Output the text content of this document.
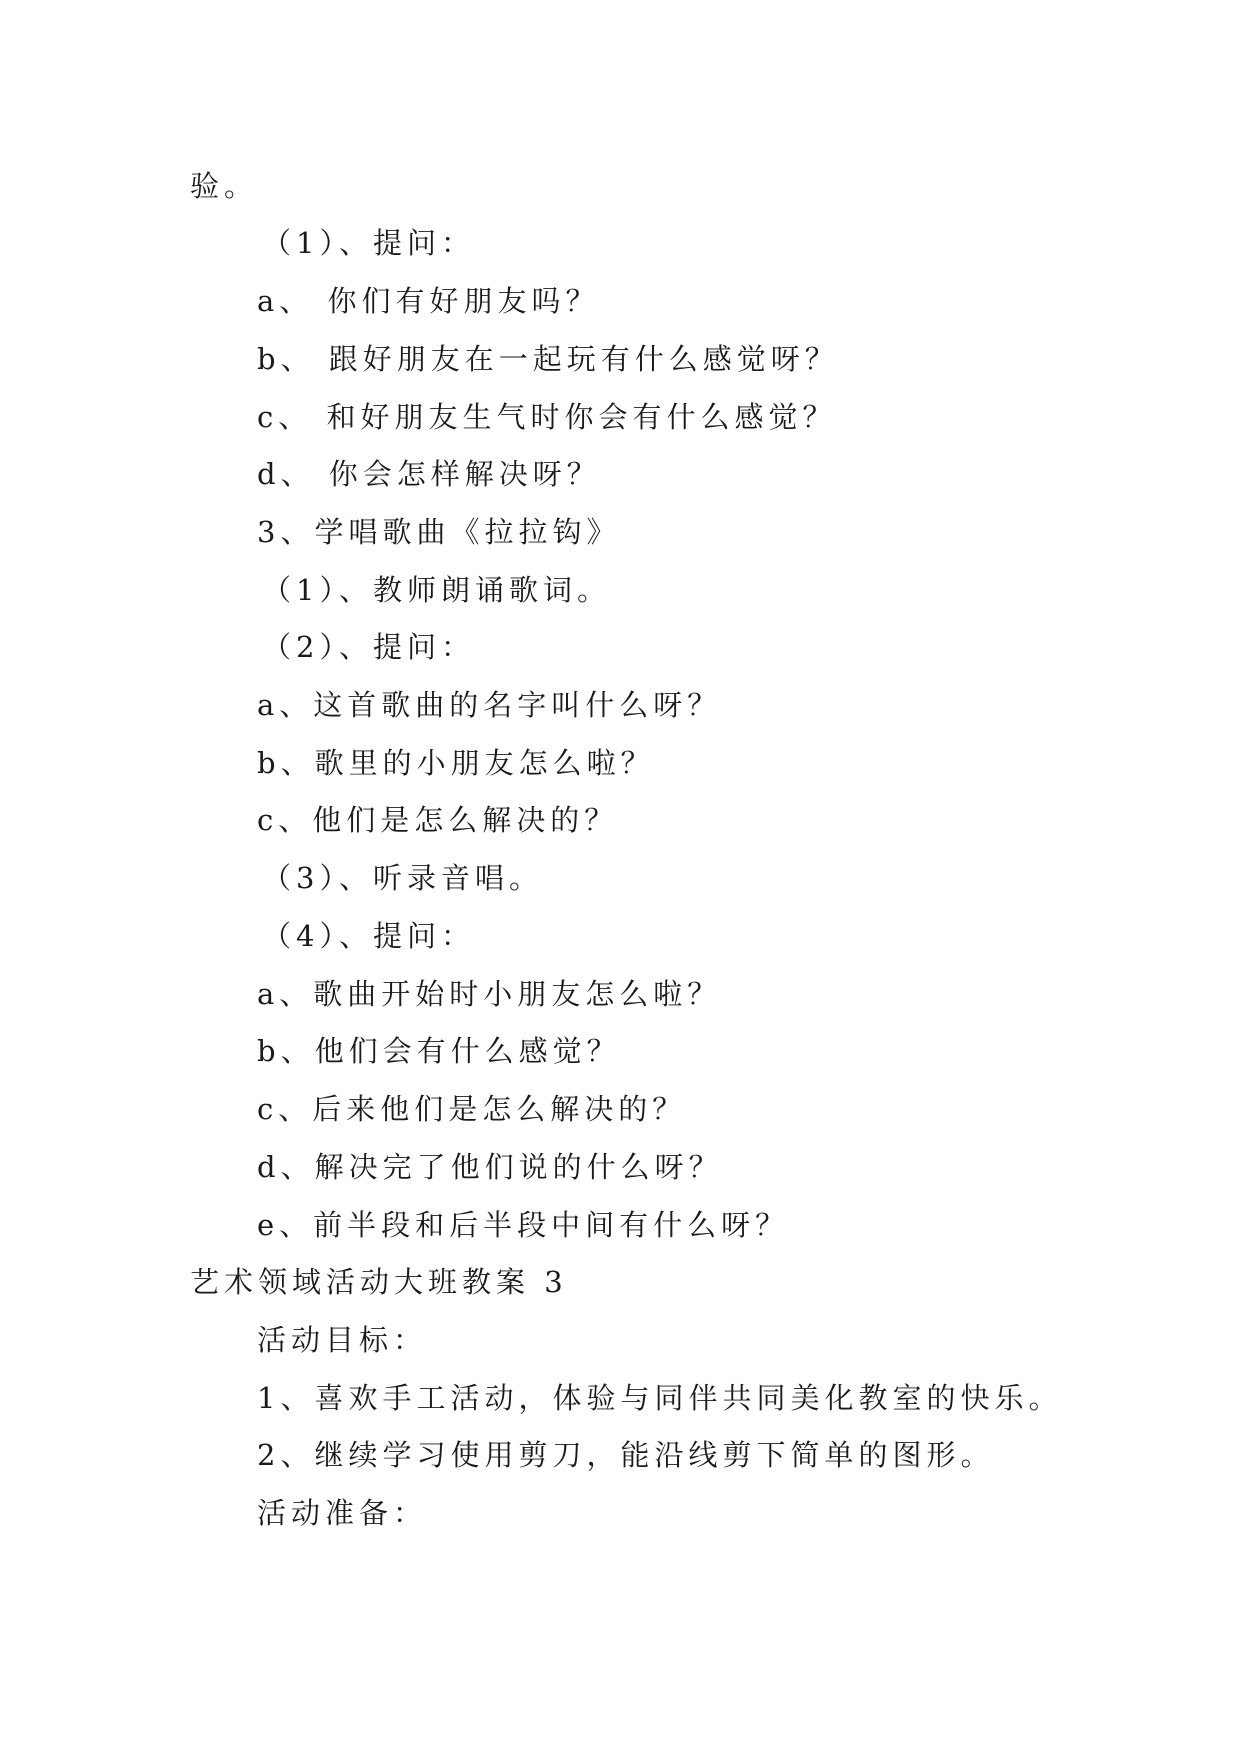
验。
（1）、提问：
a、 你们有好朋友吗？
b、 跟好朋友在一起玩有什么感觉呀？
c、 和好朋友生气时你会有什么感觉？
d、 你会怎样解决呀？
3、学唱歌曲《拉拉钩》
（1）、教师朗诵歌词。
（2）、提问：
a、这首歌曲的名字叫什么呀？
b、歌里的小朋友怎么啦？
c、他们是怎么解决的？
（3）、听录音唱。
（4）、提问：
a、歌曲开始时小朋友怎么啦？
b、他们会有什么感觉？
c、后来他们是怎么解决的？
d、解决完了他们说的什么呀？
e、前半段和后半段中间有什么呀？
艺术领域活动大班教案 3
活动目标：
1、喜欢手工活动，体验与同伴共同美化教室的快乐。
2、继续学习使用剪刀，能沿线剪下简单的图形。
活动准备：
